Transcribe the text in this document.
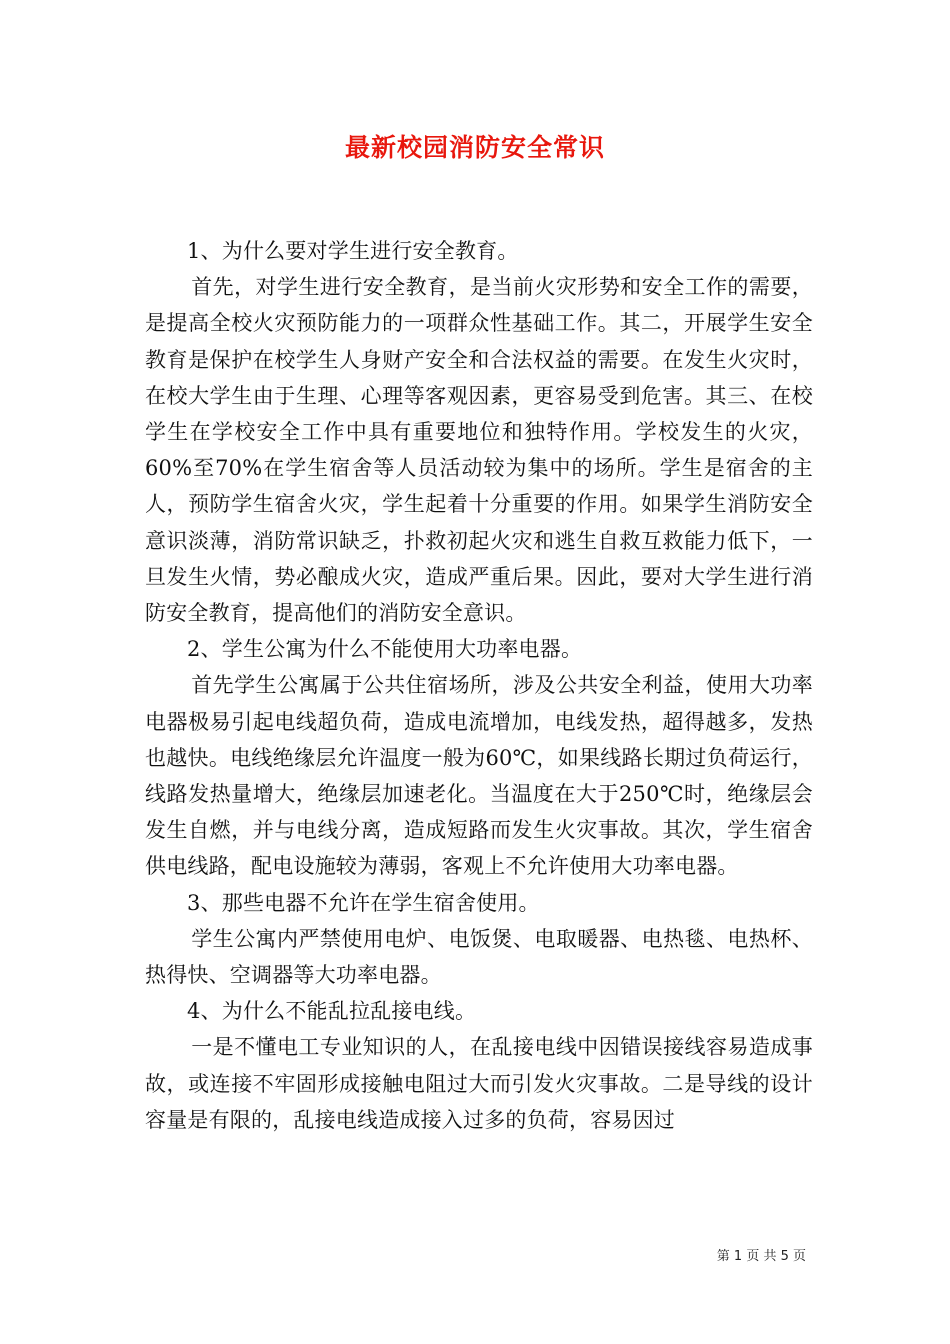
最新校园消防安全常识

1、为什么要对学生进行安全教育。

首先，对学生进行安全教育，是当前火灾形势和安全工作的需要，是提高全校火灾预防能力的一项群众性基础工作。其二，开展学生安全教育是保护在校学生人身财产安全和合法权益的需要。在发生火灾时，在校大学生由于生理、心理等客观因素，更容易受到危害。其三、在校学生在学校安全工作中具有重要地位和独特作用。学校发生的火灾，60%至70%在学生宿舍等人员活动较为集中的场所。学生是宿舍的主人，预防学生宿舍火灾，学生起着十分重要的作用。如果学生消防安全意识淡薄，消防常识缺乏，扑救初起火灾和逃生自救互救能力低下，一旦发生火情，势必酿成火灾，造成严重后果。因此，要对大学生进行消防安全教育，提高他们的消防安全意识。

2、学生公寓为什么不能使用大功率电器。

首先学生公寓属于公共住宿场所，涉及公共安全利益，使用大功率电器极易引起电线超负荷，造成电流增加，电线发热，超得越多，发热也越快。电线绝缘层允许温度一般为60℃，如果线路长期过负荷运行，线路发热量增大，绝缘层加速老化。当温度在大于250℃时，绝缘层会发生自燃，并与电线分离，造成短路而发生火灾事故。其次，学生宿舍供电线路，配电设施较为薄弱，客观上不允许使用大功率电器。

3、那些电器不允许在学生宿舍使用。

学生公寓内严禁使用电炉、电饭煲、电取暖器、电热毯、电热杯、热得快、空调器等大功率电器。

4、为什么不能乱拉乱接电线。

一是不懂电工专业知识的人，在乱接电线中因错误接线容易造成事故，或连接不牢固形成接触电阻过大而引发火灾事故。二是导线的设计容量是有限的，乱接电线造成接入过多的负荷，容易因过

第 1 页 共 5 页
